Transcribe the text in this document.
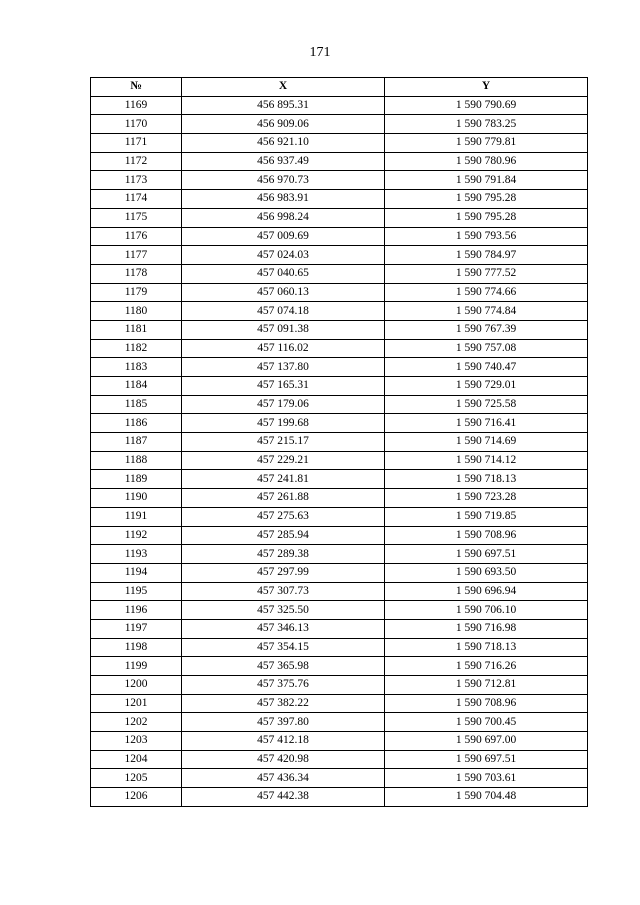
171
№	X	Y
1169	456 895.31	1 590 790.69
1170	456 909.06	1 590 783.25
1171	456 921.10	1 590 779.81
1172	456 937.49	1 590 780.96
1173	456 970.73	1 590 791.84
1174	456 983.91	1 590 795.28
1175	456 998.24	1 590 795.28
1176	457 009.69	1 590 793.56
1177	457 024.03	1 590 784.97
1178	457 040.65	1 590 777.52
1179	457 060.13	1 590 774.66
1180	457 074.18	1 590 774.84
1181	457 091.38	1 590 767.39
1182	457 116.02	1 590 757.08
1183	457 137.80	1 590 740.47
1184	457 165.31	1 590 729.01
1185	457 179.06	1 590 725.58
1186	457 199.68	1 590 716.41
1187	457 215.17	1 590 714.69
1188	457 229.21	1 590 714.12
1189	457 241.81	1 590 718.13
1190	457 261.88	1 590 723.28
1191	457 275.63	1 590 719.85
1192	457 285.94	1 590 708.96
1193	457 289.38	1 590 697.51
1194	457 297.99	1 590 693.50
1195	457 307.73	1 590 696.94
1196	457 325.50	1 590 706.10
1197	457 346.13	1 590 716.98
1198	457 354.15	1 590 718.13
1199	457 365.98	1 590 716.26
1200	457 375.76	1 590 712.81
1201	457 382.22	1 590 708.96
1202	457 397.80	1 590 700.45
1203	457 412.18	1 590 697.00
1204	457 420.98	1 590 697.51
1205	457 436.34	1 590 703.61
1206	457 442.38	1 590 704.48
